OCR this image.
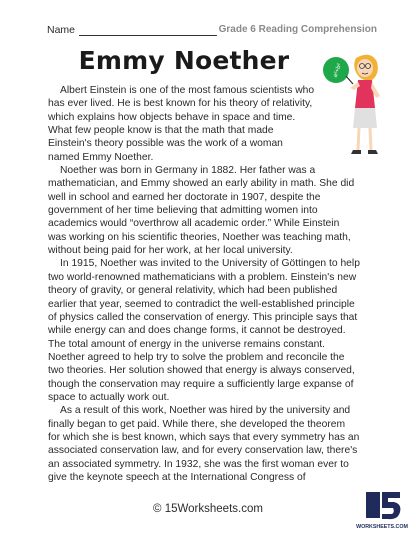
Name	Grade 6 Reading Comprehension
Emmy Noether	a²+b²

Albert Einstein is one of the most famous scientists who
has ever lived. He is best known for his theory of relativity,
which explains how objects behave in space and time.
What few people know is that the math that made
Einstein's theory possible was the work of a woman
named Emmy Noether.

Noether was born in Germany in 1882. Her father was a
mathematician, and Emmy showed an early ability in math. She did
well in school and earned her doctorate in 1907, despite the
government of her time believing that admitting women into
academics would “overthrow all academic order.” While Einstein
was working on his scientific theories, Noether was teaching math,
without being paid for her work, at her local university.

In 1915, Noether was invited to the University of Göttingen to help
two world-renowned mathematicians with a problem. Einstein's new
theory of gravity, or general relativity, which had been published
earlier that year, seemed to contradict the well-established principle
of physics called the conservation of energy. This principle says that
while energy can and does change forms, it cannot be destroyed.
The total amount of energy in the universe remains constant.
Noether agreed to help try to solve the problem and reconcile the
two theories. Her solution showed that energy is always conserved,
though the conservation may require a sufficiently large expanse of
space to actually work out.

As a result of this work, Noether was hired by the university and
finally began to get paid. While there, she developed the theorem
for which she is best known, which says that every symmetry has an
associated conservation law, and for every conservation law, there's
an associated symmetry. In 1932, she was the first woman ever to
give the keynote speech at the International Congress of

© 15Worksheets.com
WORKSHEETS.COM
